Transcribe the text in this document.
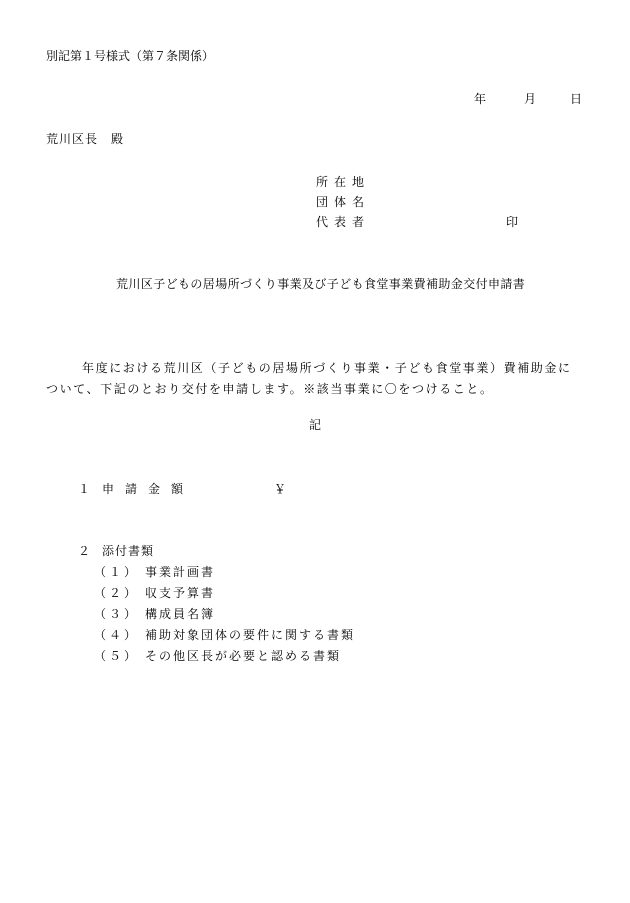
別記第１号様式（第７条関係）
年	月	日
荒川区長　殿
所在地
団体名
代表者	印
荒川区子どもの居場所づくり事業及び子ども食堂事業費補助金交付申請書
年度における荒川区（子どもの居場所づくり事業・子ども食堂事業）費補助金について、下記のとおり交付を申請します。※該当事業に〇をつけること。
記
１ 申請金額	￥
２ 添付書類
（１） 事業計画書
（２） 収支予算書
（３） 構成員名簿
（４） 補助対象団体の要件に関する書類
（５） その他区長が必要と認める書類
